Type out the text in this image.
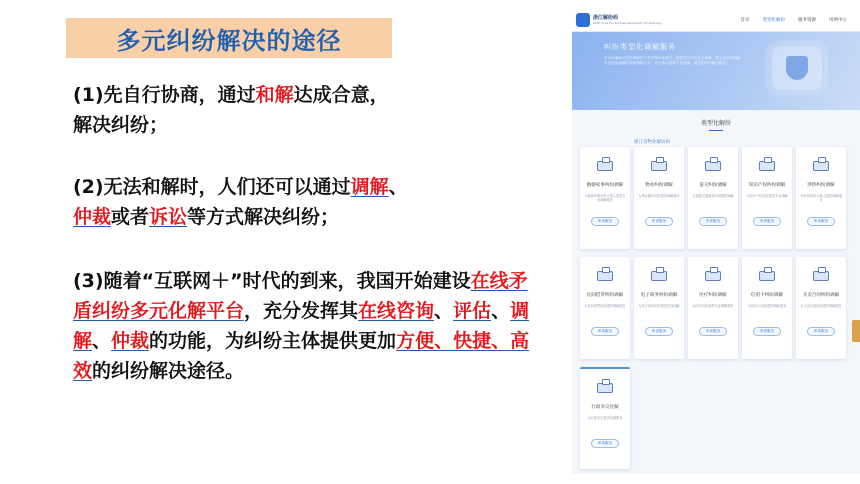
多元纠纷解决的途径
(1)先自行协商，通过和解达成合意，
解决纠纷；
(2)无法和解时，人们还可以通过调解、
仲裁或者诉讼等方式解决纠纷；
(3)随着“互联网＋”时代的到来，我国开始建设在线矛盾纠纷多元化解平台，充分发挥其在线咨询、评估、调解、仲裁的功能，为纠纷主体提供更加方便、快捷、高效的纠纷解决途径。
浙江解纷码
ODR Code For Dispute Resolution Of Zhejiang	首页	类型化解纷	服务资源	用例中心
纠纷类型化调解服务
百合应遍地分类化调解化分类手调纠化解分，根据具体纠纷业主调解，建立适合的调解员及智能调解的智能调解方式，为当事人提供专业便捷、高效的纠纷解决服务。
类型化解纷
浙江省物业解纷码
婚姻家事纠纷调解
为婚姻家事纠纷当事人提供专业调解服务
申请服务
物业纠纷调解
为物业服务纠纷提供调解服务
申请服务
道交纠纷调解
为道路交通事故纠纷提供调解
申请服务
知识产权纠纷调解
为知识产权纠纷提供专业调解
申请服务
涉侨纠纷调解
为涉侨纠纷当事人提供调解服务
申请服务
民间借贷纠纷调解
为民间借贷纠纷提供调解服务
申请服务
电子商务纠纷调解
为电子商务纠纷提供在线调解
申请服务
医疗纠纷调解
为医疗纠纷提供专业调解服务
申请服务
信用卡纠纷调解
为信用卡纠纷提供调解服务
申请服务
买卖合同纠纷调解
为买卖合同纠纷提供调解服务
申请服务
行政争议化解
为行政争议提供化解服务
申请服务
